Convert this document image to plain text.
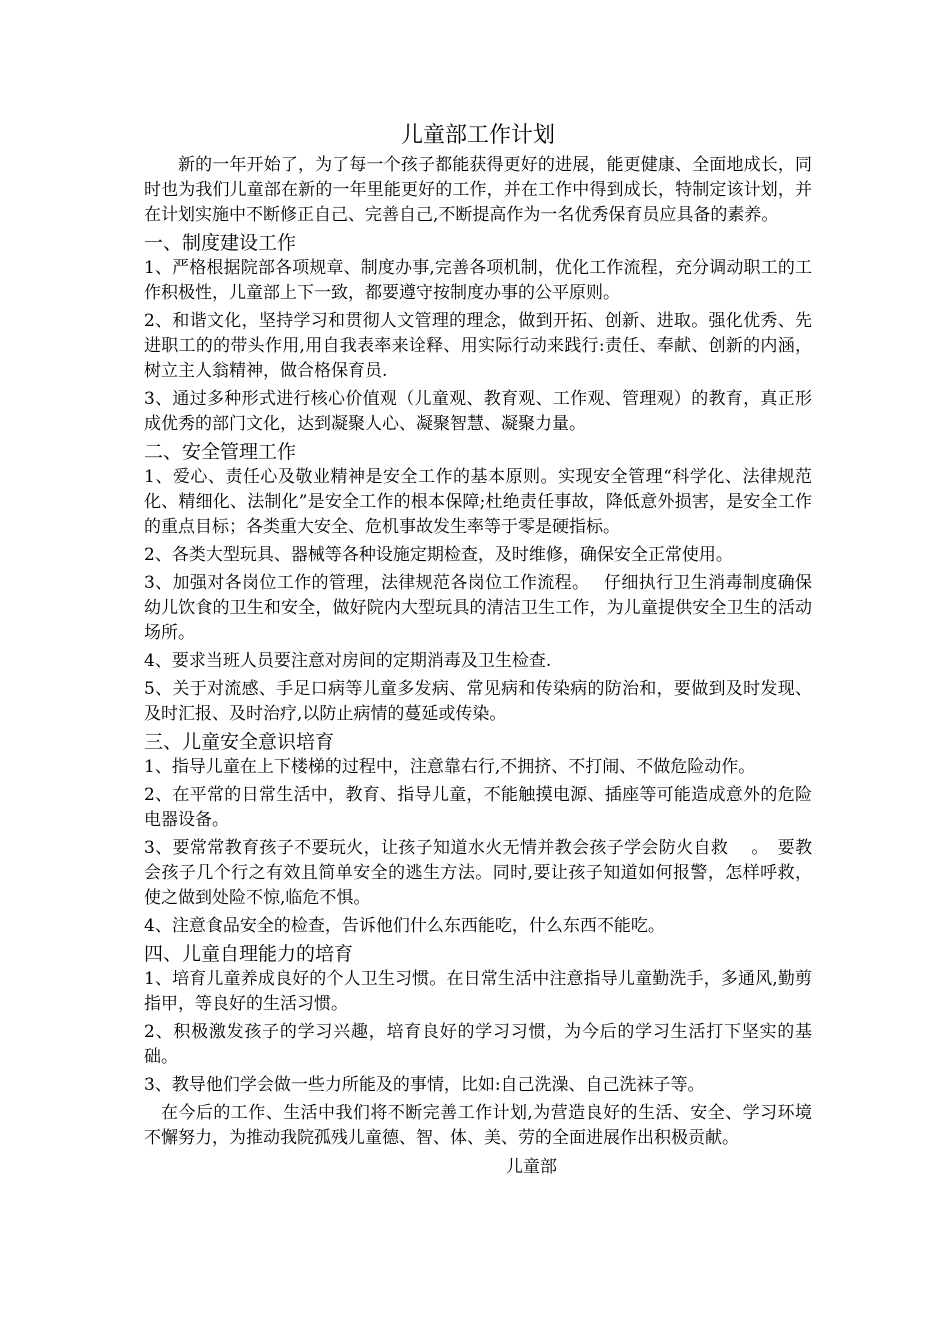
儿童部工作计划

新的一年开始了，为了每一个孩子都能获得更好的进展，能更健康、全面地成长，同时也为我们儿童部在新的一年里能更好的工作，并在工作中得到成长，特制定该计划，并在计划实施中不断修正自己、完善自己,不断提高作为一名优秀保育员应具备的素养。

一、制度建设工作

1、严格根据院部各项规章、制度办事,完善各项机制，优化工作流程，充分调动职工的工作积极性，儿童部上下一致，都要遵守按制度办事的公平原则。

2、和谐文化，坚持学习和贯彻人文管理的理念，做到开拓、创新、进取。强化优秀、先进职工的的带头作用,用自我表率来诠释、用实际行动来践行:责任、奉献、创新的内涵，树立主人翁精神，做合格保育员.

3、通过多种形式进行核心价值观（儿童观、教育观、工作观、管理观）的教育，真正形成优秀的部门文化，达到凝聚人心、凝聚智慧、凝聚力量。

二、安全管理工作

1、爱心、责任心及敬业精神是安全工作的基本原则。实现安全管理“科学化、法律规范化、精细化、法制化”是安全工作的根本保障;杜绝责任事故，降低意外损害，是安全工作的重点目标；各类重大安全、危机事故发生率等于零是硬指标。

2、各类大型玩具、器械等各种设施定期检查，及时维修，确保安全正常使用。

3、加强对各岗位工作的管理，法律规范各岗位工作流程。　 仔细执行卫生消毒制度确保幼儿饮食的卫生和安全，做好院内大型玩具的清洁卫生工作，为儿童提供安全卫生的活动场所。

4、要求当班人员要注意对房间的定期消毒及卫生检查.

5、关于对流感、手足口病等儿童多发病、常见病和传染病的防治和，要做到及时发现、及时汇报、及时治疗,以防止病情的蔓延或传染。

三、儿童安全意识培育

1、指导儿童在上下楼梯的过程中，注意靠右行,不拥挤、不打闹、不做危险动作。

2、在平常的日常生活中，教育、指导儿童，不能触摸电源、插座等可能造成意外的危险电器设备。

3、要常常教育孩子不要玩火，让孩子知道水火无情并教会孩子学会防火自救　 。　要教会孩子几个行之有效且简单安全的逃生方法。同时,要让孩子知道如何报警，怎样呼救，使之做到处险不惊,临危不惧。

4、注意食品安全的检查，告诉他们什么东西能吃，什么东西不能吃。

四、儿童自理能力的培育

1、培育儿童养成良好的个人卫生习惯。在日常生活中注意指导儿童勤洗手，多通风,勤剪指甲，等良好的生活习惯。

2、积极激发孩子的学习兴趣，培育良好的学习习惯，为今后的学习生活打下坚实的基础。

3、教导他们学会做一些力所能及的事情，比如:自己洗澡、自己洗袜子等。

在今后的工作、生活中我们将不断完善工作计划,为营造良好的生活、安全、学习环境不懈努力，为推动我院孤残儿童德、智、体、美、劳的全面进展作出积极贡献。

儿童部
